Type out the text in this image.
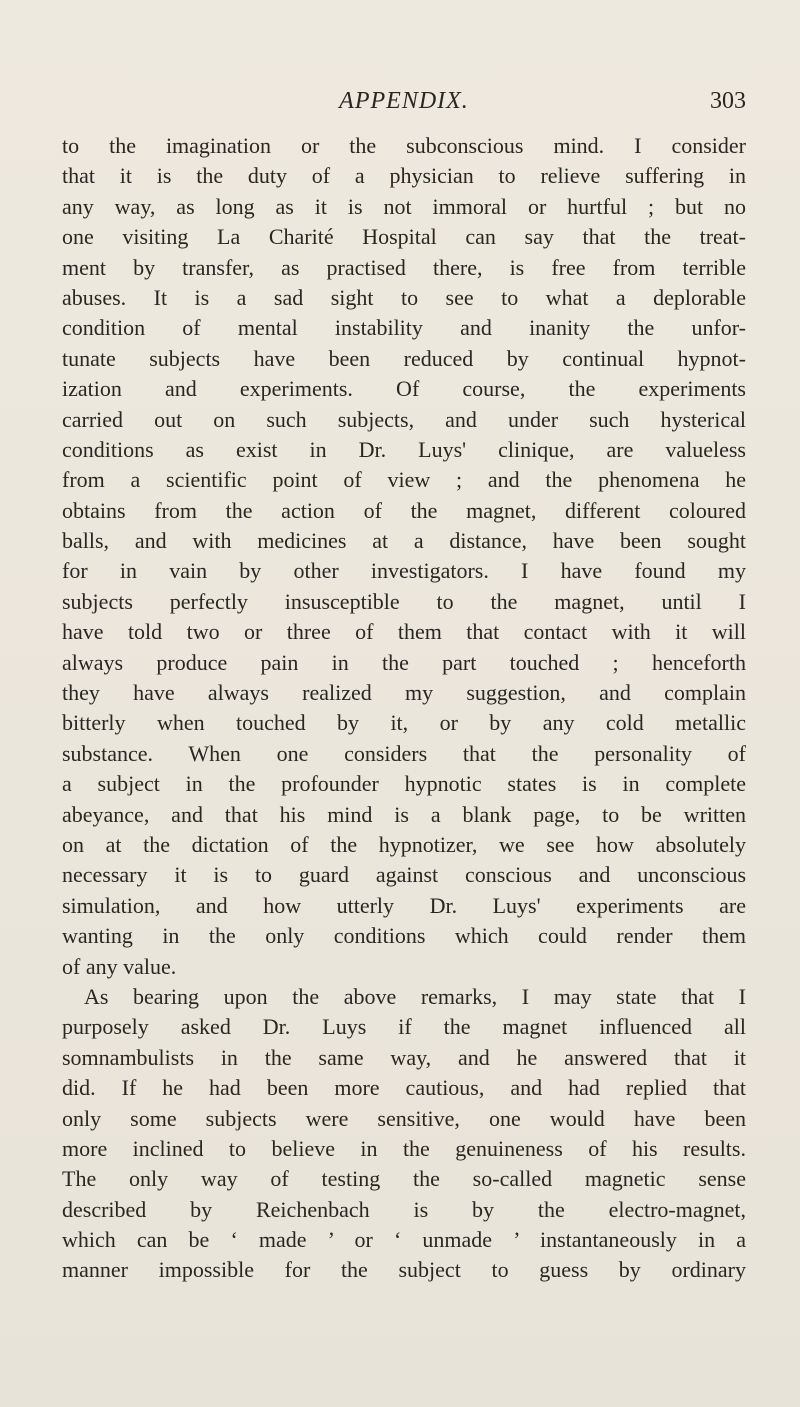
APPENDIX.	303
to the imagination or the subconscious mind. I consider
that it is the duty of a physician to relieve suffering in
any way, as long as it is not immoral or hurtful ; but no
one visiting La Charité Hospital can say that the treat-
ment by transfer, as practised there, is free from terrible
abuses. It is a sad sight to see to what a deplorable
condition of mental instability and inanity the unfor-
tunate subjects have been reduced by continual hypnot-
ization and experiments. Of course, the experiments
carried out on such subjects, and under such hysterical
conditions as exist in Dr. Luys' clinique, are valueless
from a scientific point of view ; and the phenomena he
obtains from the action of the magnet, different coloured
balls, and with medicines at a distance, have been sought
for in vain by other investigators. I have found my
subjects perfectly insusceptible to the magnet, until I
have told two or three of them that contact with it will
always produce pain in the part touched ; henceforth
they have always realized my suggestion, and complain
bitterly when touched by it, or by any cold metallic
substance. When one considers that the personality of
a subject in the profounder hypnotic states is in complete
abeyance, and that his mind is a blank page, to be written
on at the dictation of the hypnotizer, we see how absolutely
necessary it is to guard against conscious and unconscious
simulation, and how utterly Dr. Luys' experiments are
wanting in the only conditions which could render them
of any value.
As bearing upon the above remarks, I may state that I
purposely asked Dr. Luys if the magnet influenced all
somnambulists in the same way, and he answered that it
did. If he had been more cautious, and had replied that
only some subjects were sensitive, one would have been
more inclined to believe in the genuineness of his results.
The only way of testing the so-called magnetic sense
described by Reichenbach is by the electro-magnet,
which can be ‘ made ’ or ‘ unmade ’ instantaneously in a
manner impossible for the subject to guess by ordinary
